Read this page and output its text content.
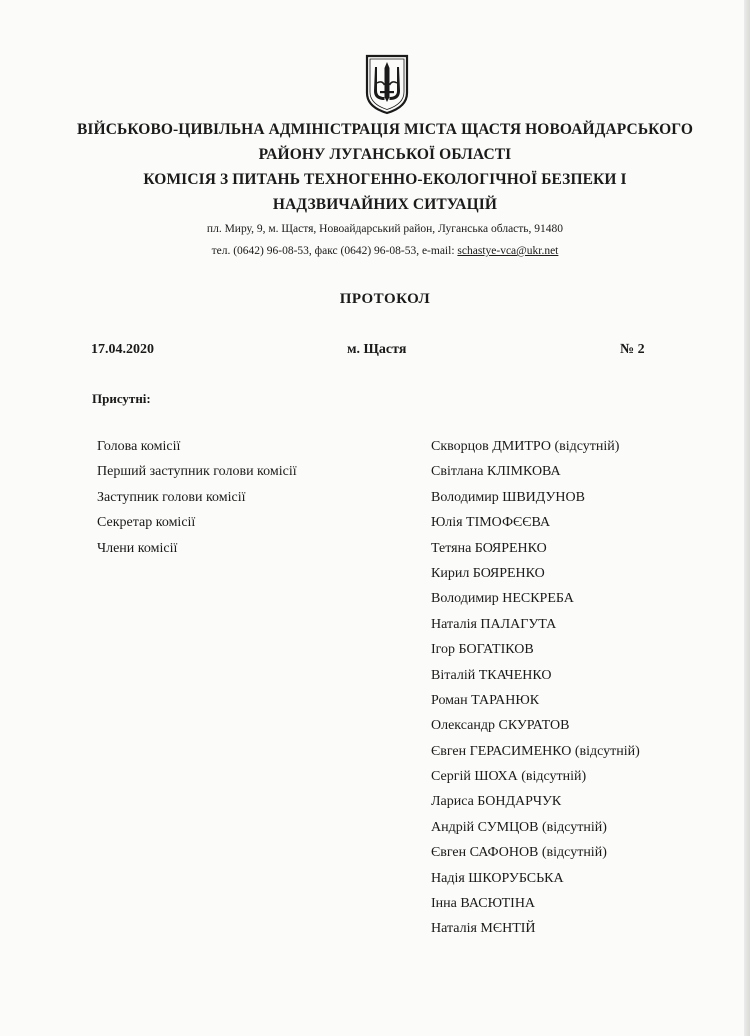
ВІЙСЬКОВО-ЦИВІЛЬНА АДМІНІСТРАЦІЯ МІСТА ЩАСТЯ НОВОАЙДАРСЬКОГО
РАЙОНУ ЛУГАНСЬКОЇ ОБЛАСТІ
КОМІСІЯ З ПИТАНЬ ТЕХНОГЕННО-ЕКОЛОГІЧНОЇ БЕЗПЕКИ І
НАДЗВИЧАЙНИХ СИТУАЦІЙ
пл. Миру, 9, м. Щастя, Новоайдарський район, Луганська область, 91480
тел. (0642) 96-08-53, факс (0642) 96-08-53, e-mail: schastye-vca@ukr.net
ПРОТОКОЛ
17.04.2020	м. Щастя	№ 2
Присутні:
Голова комісії
Перший заступник голови комісії
Заступник голови комісії
Секретар комісії
Члени комісії
Скворцов ДМИТРО (відсутній)
Світлана КЛІМКОВА
Володимир ШВИДУНОВ
Юлія ТІМОФЄЄВА
Тетяна БОЯРЕНКО
Кирил БОЯРЕНКО
Володимир НЕСКРЕБА
Наталія ПАЛАГУТА
Ігор БОГАТІКОВ
Віталій ТКАЧЕНКО
Роман ТАРАНЮК
Олександр СКУРАТОВ
Євген ГЕРАСИМЕНКО (відсутній)
Сергій ШОХА (відсутній)
Лариса БОНДАРЧУК
Андрій СУМЦОВ (відсутній)
Євген САФОНОВ (відсутній)
Надія ШКОРУБСЬКА
Інна ВАСЮТІНА
Наталія МЄНТІЙ
